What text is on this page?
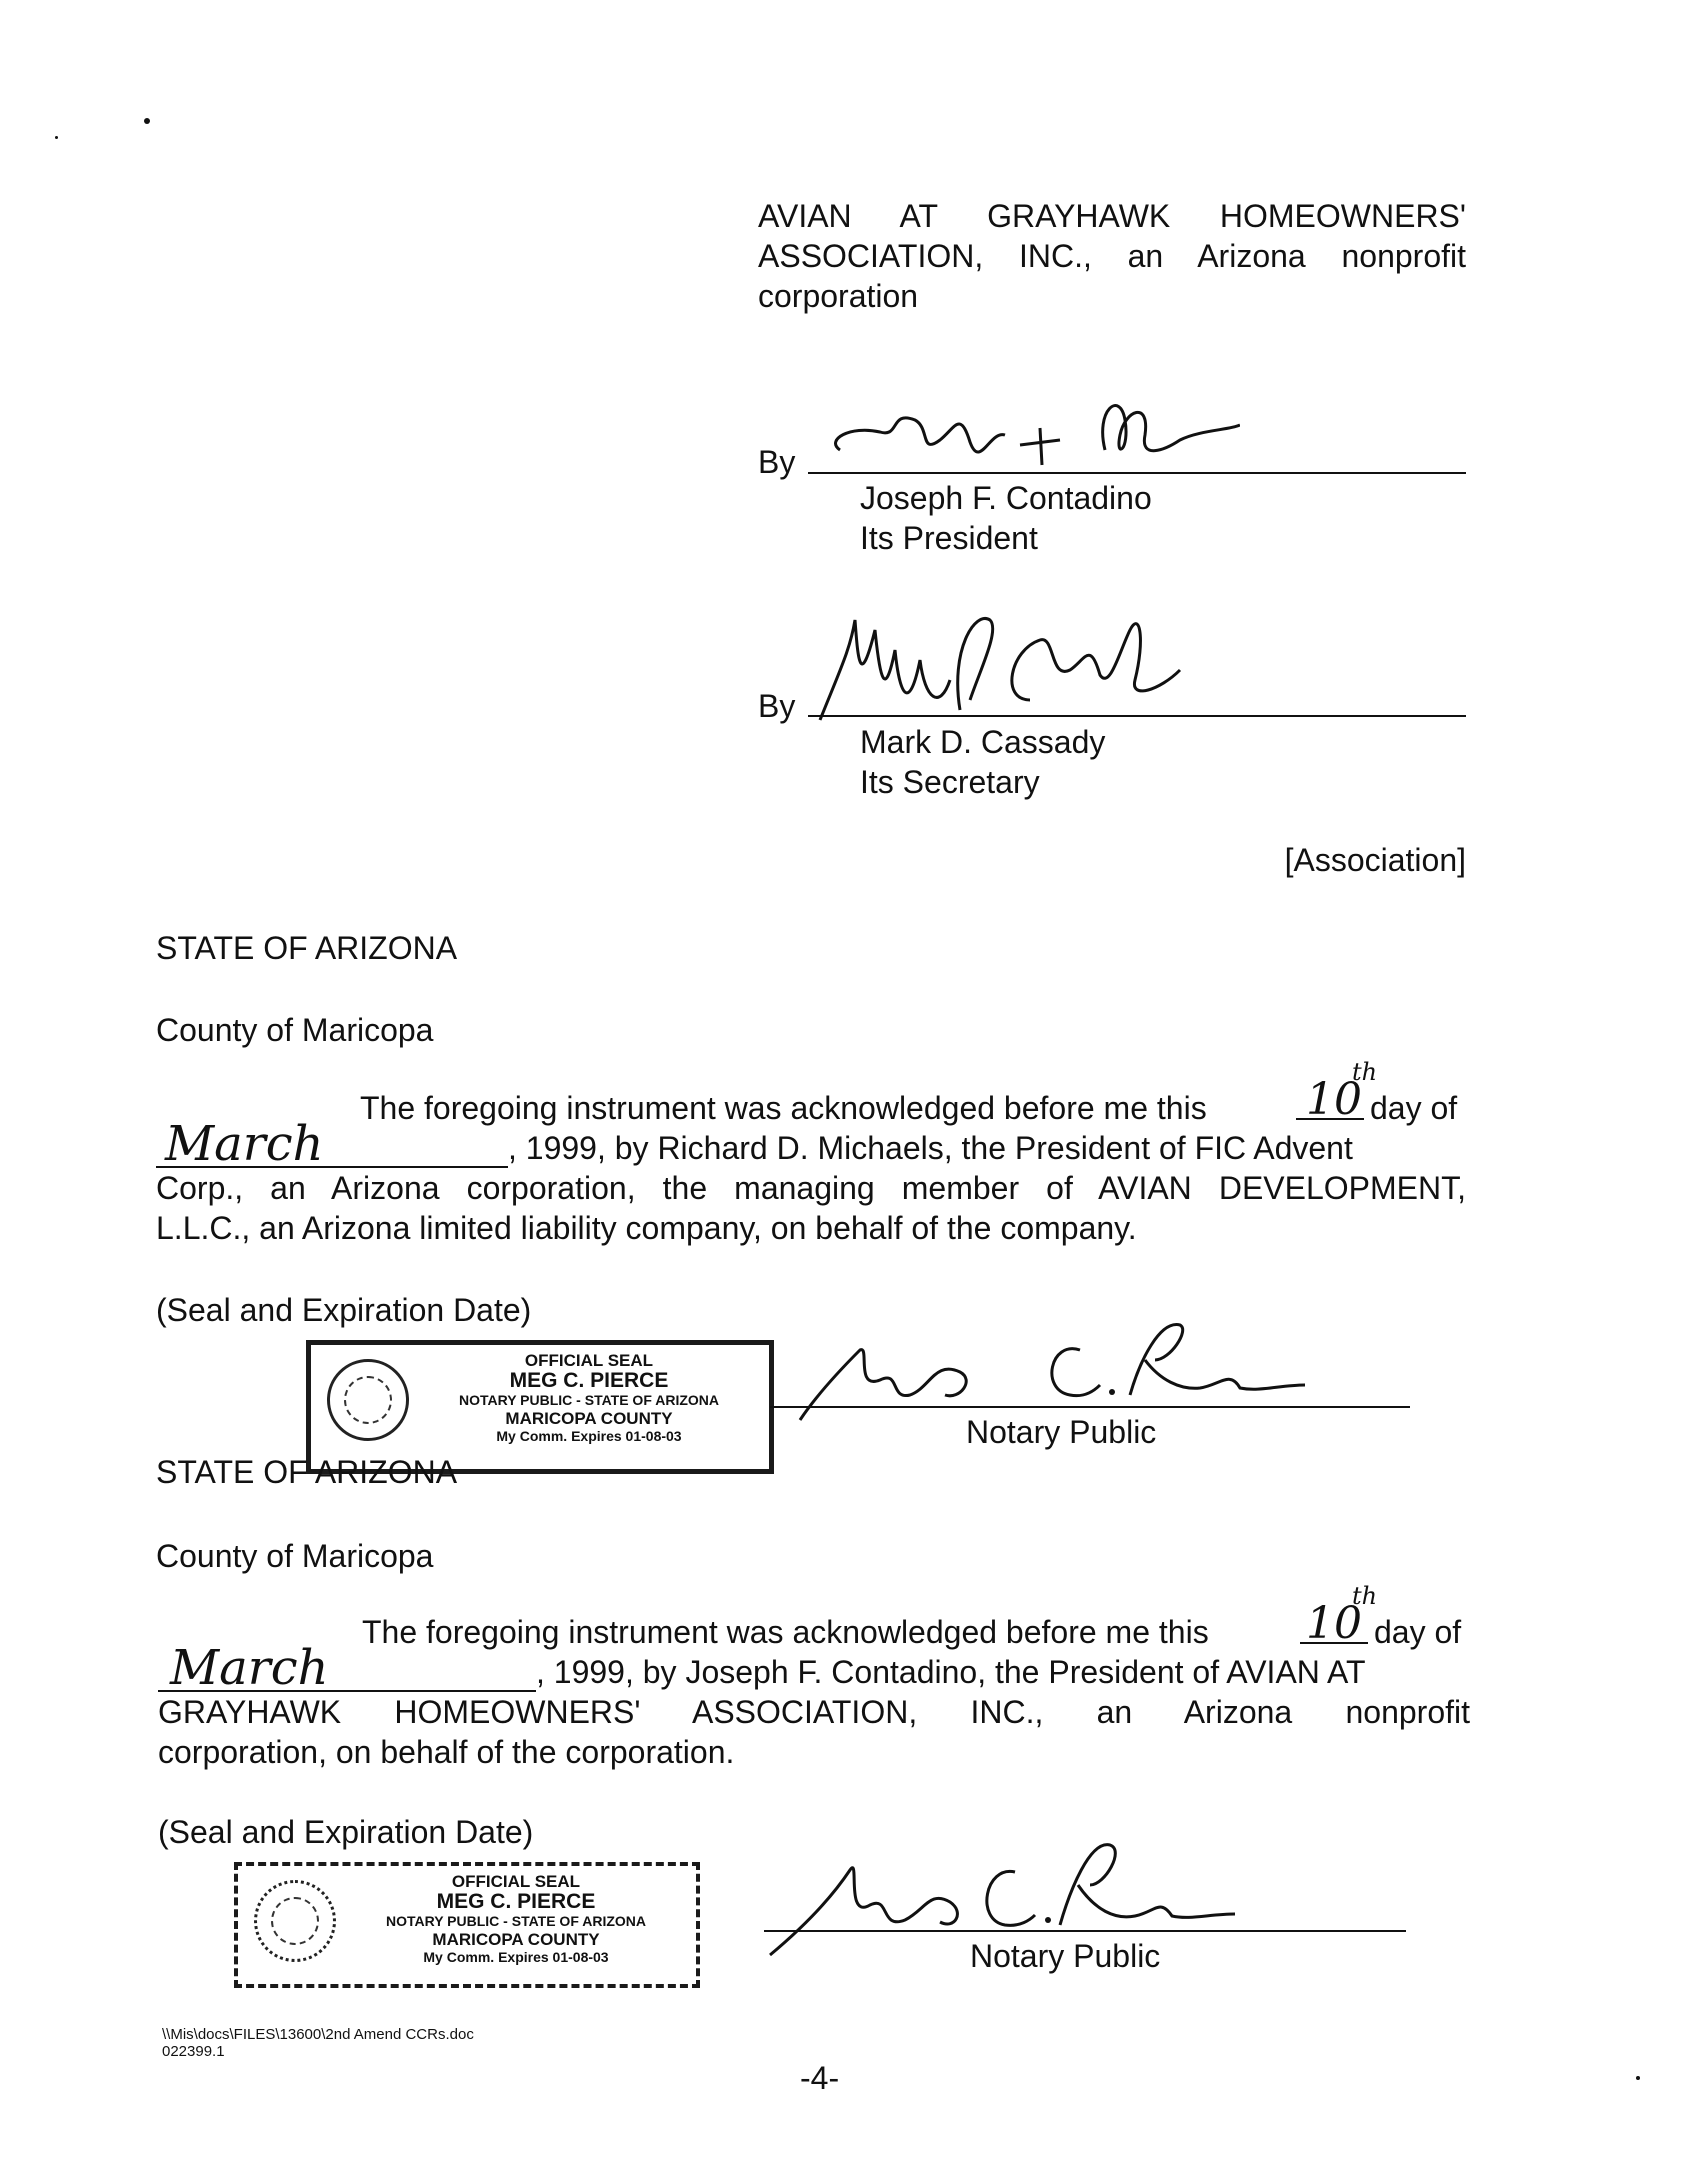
AVIAN AT GRAYHAWK HOMEOWNERS'
ASSOCIATION, INC., an Arizona nonprofit
corporation
By
Joseph F. Contadino
Its President
By
Mark D. Cassady
Its Secretary
[Association]
STATE OF ARIZONA
County of Maricopa
The foregoing instrument was acknowledged before me this 10
th
day of
March	, 1999, by Richard D. Michaels, the President of FIC Advent
Corp., an Arizona corporation, the managing member of AVIAN DEVELOPMENT,
L.L.C., an Arizona limited liability company, on behalf of the company.
(Seal and Expiration Date)
OFFICIAL SEAL
MEG C. PIERCE
NOTARY PUBLIC - STATE OF ARIZONA
MARICOPA COUNTY
My Comm. Expires 01-08-03	Notary Public
STATE OF ARIZONA
County of Maricopa
The foregoing instrument was acknowledged before me this 10
th
day of
March	, 1999, by Joseph F. Contadino, the President of AVIAN AT
GRAYHAWK HOMEOWNERS' ASSOCIATION, INC., an Arizona nonprofit
corporation, on behalf of the corporation.
(Seal and Expiration Date)
OFFICIAL SEAL
MEG C. PIERCE
NOTARY PUBLIC - STATE OF ARIZONA
MARICOPA COUNTY
My Comm. Expires 01-08-03	Notary Public
\\Mis\docs\FILES\13600\2nd Amend CCRs.doc
022399.1
-4-
